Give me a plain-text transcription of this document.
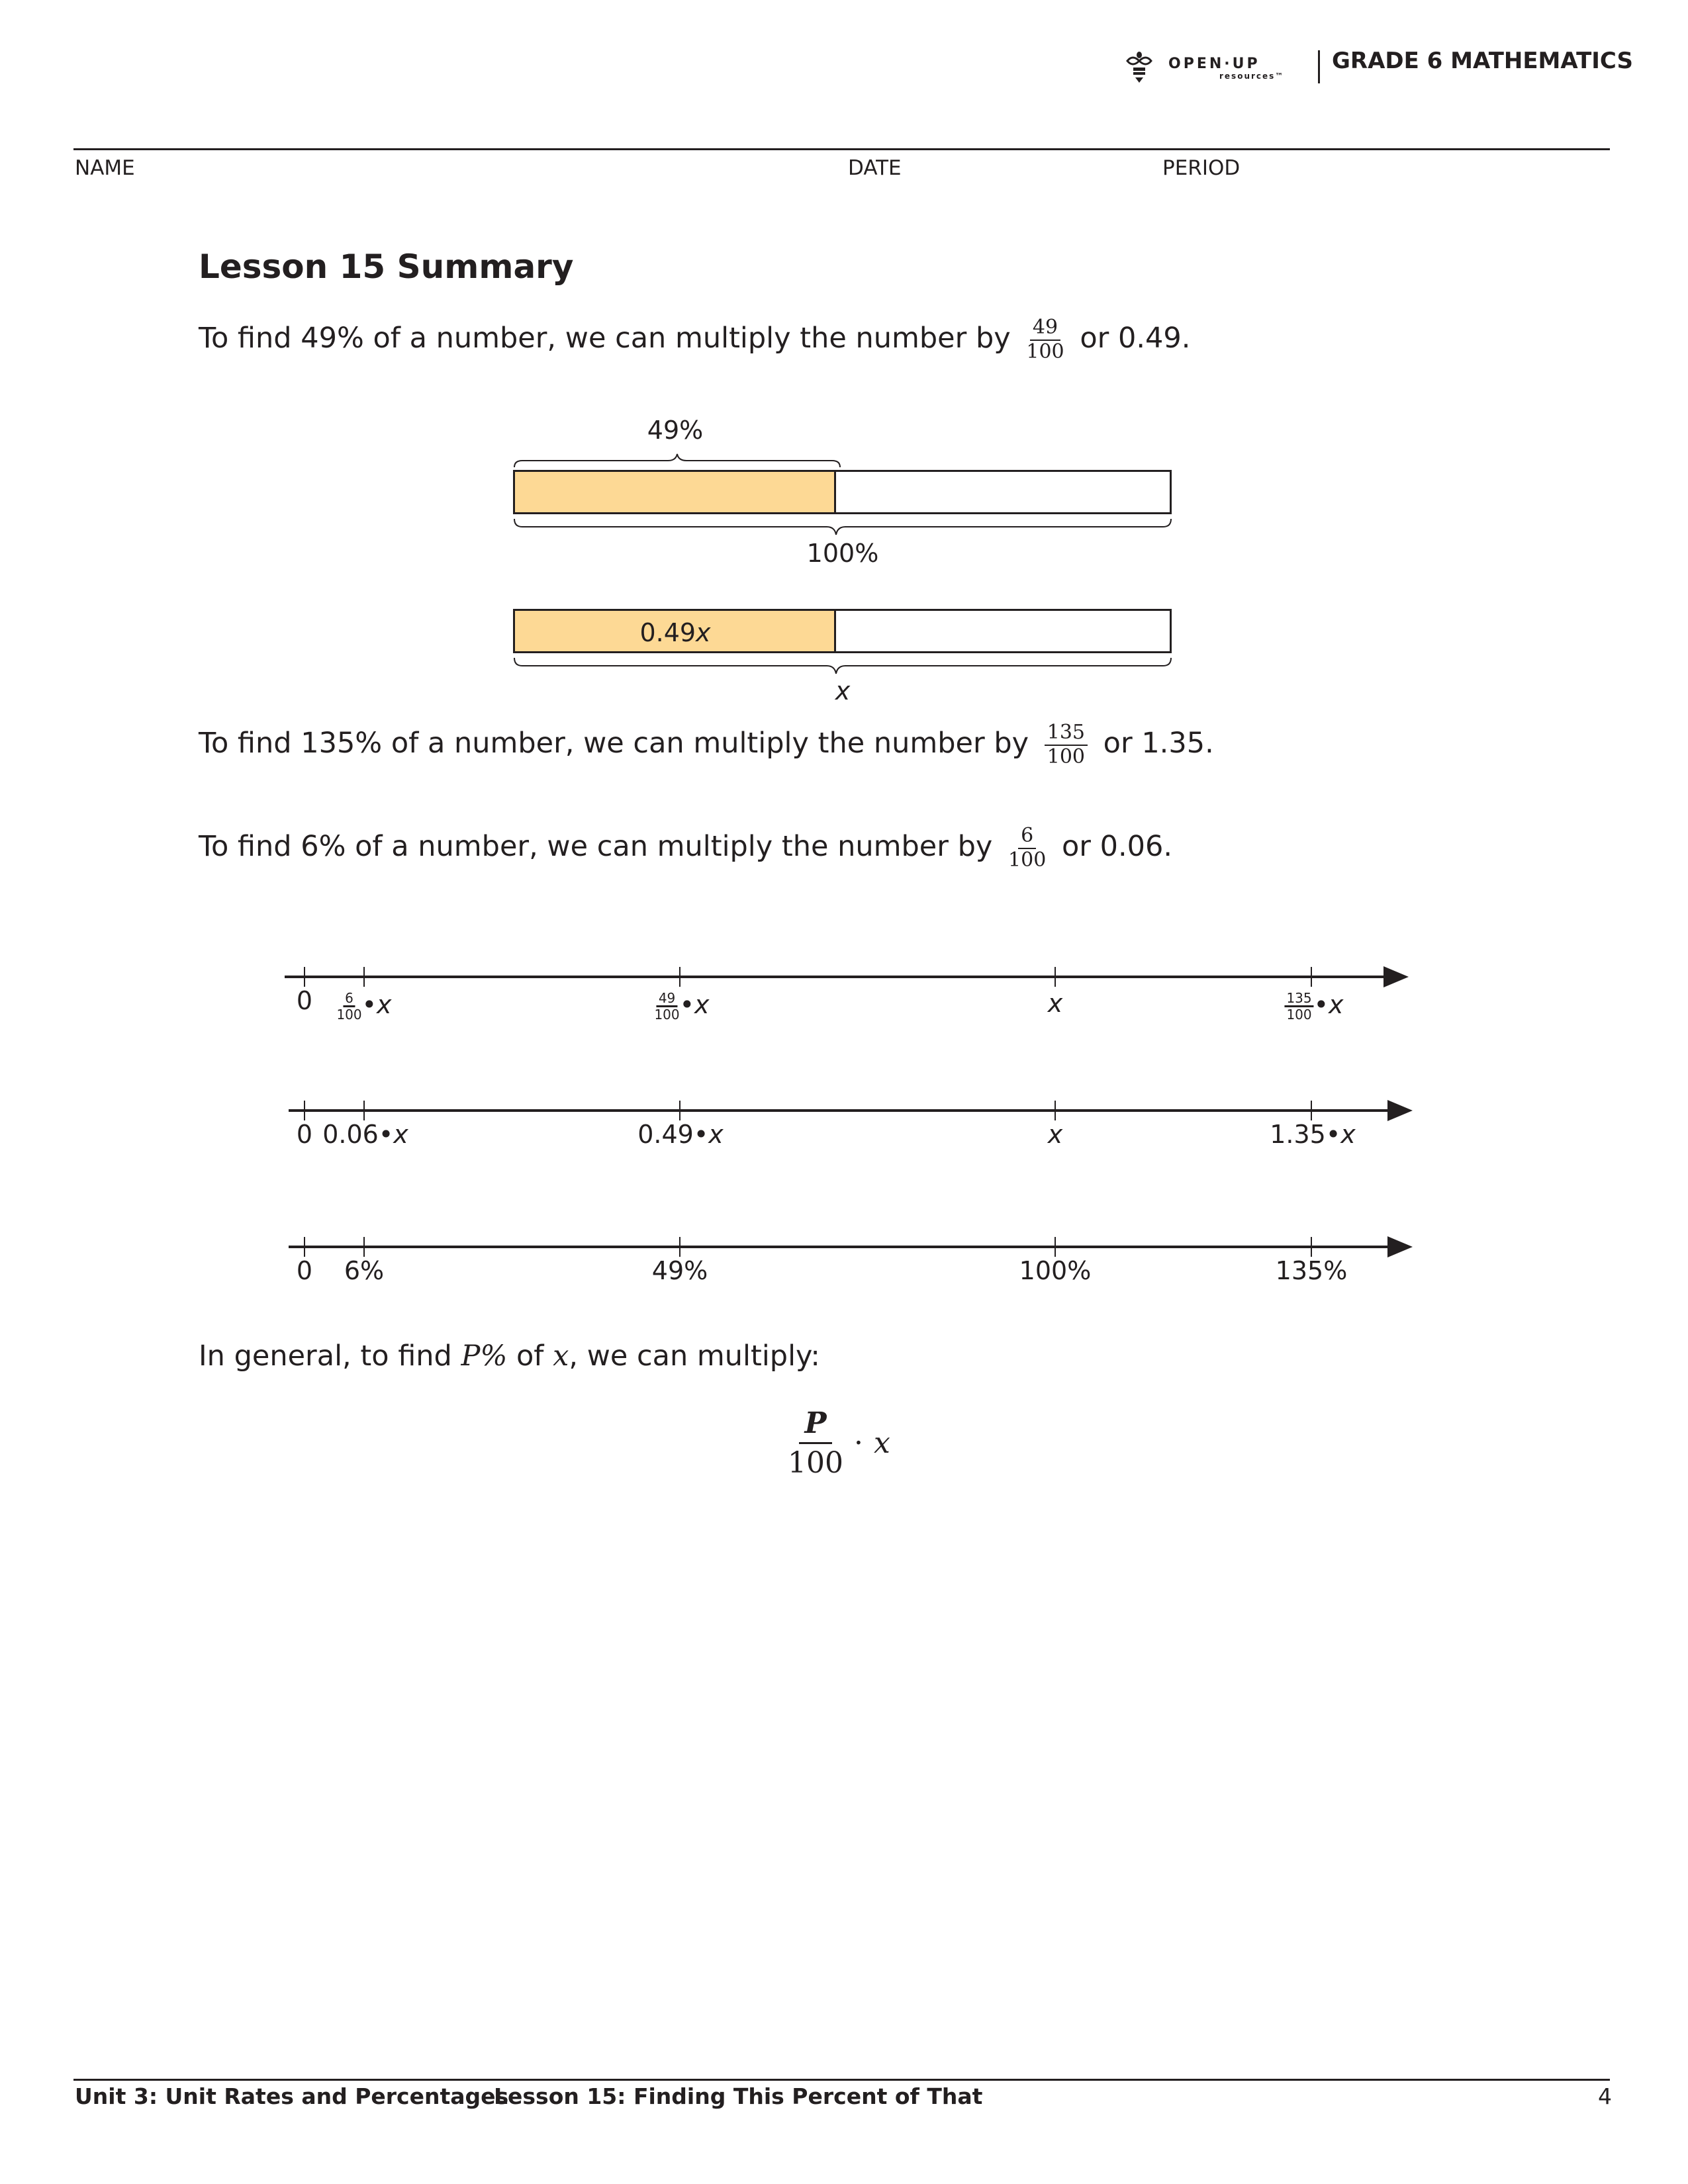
OPEN·UP
resources™
GRADE 6 MATHEMATICS
NAME	DATE	PERIOD
Lesson 15 Summary
To find 49% of a number, we can multiply the number by $\frac{49}{100}$ or 0.49.
49%
100%
0.49x
x
To find 135% of a number, we can multiply the number by $\frac{135}{100}$ or 1.35.
To find 6% of a number, we can multiply the number by $\frac{6}{100}$ or 0.06.
$0 \frac{6}{100}$ •x	$\frac{49}{100}$ •x	x	$\frac{135}{100}$ •x
0 0.06•x	0.49•x	x	1.35•x
0 6%	49%	100%	135%
In general, to find P% of x, we can multiply:
$\frac{P}{100} \cdot x$
Unit 3: Unit Rates and Percentages
Lesson 15: Finding This Percent of That	4
